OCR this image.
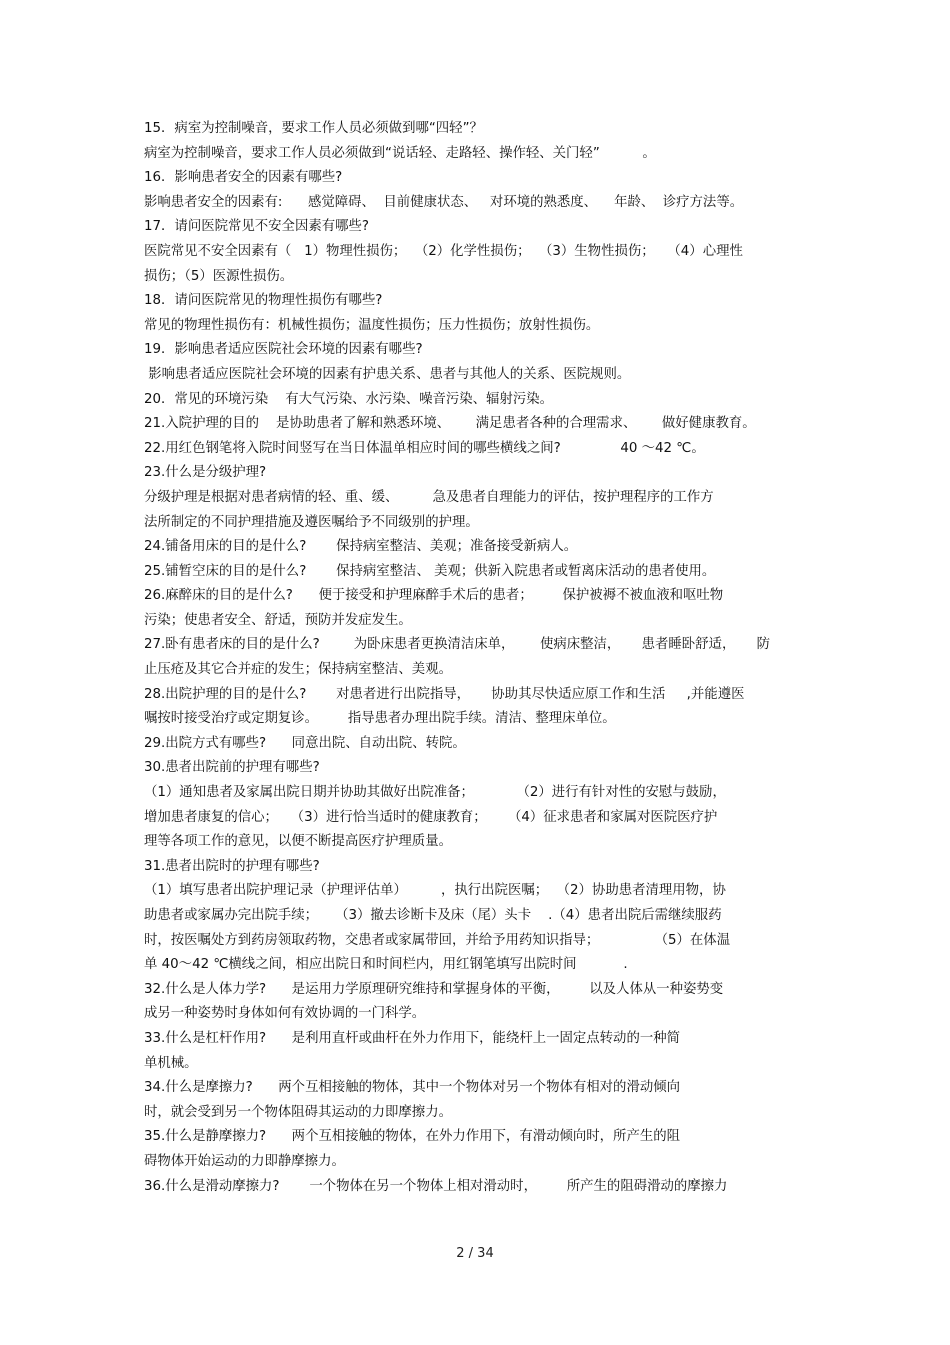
15．病室为控制噪音，要求工作人员必须做到哪“四轻”？
病室为控制噪音，要求工作人员必须做到“说话轻、走路轻、操作轻、关门轻”          。
16．影响患者安全的因素有哪些?
影响患者安全的因素有:      感觉障碍、  目前健康状态、   对环境的熟悉度、    年龄、  诊疗方法等。
17．请问医院常见不安全因素有哪些?
医院常见不安全因素有（   1）物理性损伤；  （2）化学性损伤；  （3）生物性损伤；   （4）心理性
损伤；（5）医源性损伤。
18．请问医院常见的物理性损伤有哪些?
常见的物理性损伤有：机械性损伤；温度性损伤；压力性损伤；放射性损伤。
19．影响患者适应医院社会环境的因素有哪些?
影响患者适应医院社会环境的因素有护患关系、患者与其他人的关系、医院规则。
20．常见的环境污染    有大气污染、水污染、噪音污染、辐射污染。
21.入院护理的目的    是协助患者了解和熟悉环境、      满足患者各种的合理需求、      做好健康教育。
22.用红色钢笔将入院时间竖写在当日体温单相应时间的哪些横线之间?              40 ～42 ℃。
23.什么是分级护理?
分级护理是根据对患者病情的轻、重、缓、        急及患者自理能力的评估，按护理程序的工作方
法所制定的不同护理措施及遵医嘱给予不同级别的护理。
24.铺备用床的目的是什么?       保持病室整洁、美观；准备接受新病人。
25.铺暂空床的目的是什么?       保持病室整洁、 美观；供新入院患者或暂离床活动的患者使用。
26.麻醉床的目的是什么?      便于接受和护理麻醉手术后的患者；       保护被褥不被血液和呕吐物
污染；使患者安全、舒适，预防并发症发生。
27.卧有患者床的目的是什么?        为卧床患者更换清洁床单，      使病床整洁，     患者睡卧舒适，     防
止压疮及其它合并症的发生；保持病室整洁、美观。
28.出院护理的目的是什么?       对患者进行出院指导，     协助其尽快适应原工作和生活     ,并能遵医
嘱按时接受治疗或定期复诊。       指导患者办理出院手续。清洁、整理床单位。
29.出院方式有哪些?      同意出院、自动出院、转院。
30.患者出院前的护理有哪些?
（1）通知患者及家属出院日期并协助其做好出院准备；          （2）进行有针对性的安慰与鼓励，
增加患者康复的信心；   （3）进行恰当适时的健康教育；     （4）征求患者和家属对医院医疗护
理等各项工作的意见，以便不断提高医疗护理质量。
31.患者出院时的护理有哪些?
（1）填写患者出院护理记录（护理评估单）        ，执行出院医嘱；  （2）协助患者清理用物，协
助患者或家属办完出院手续；    （3）撤去诊断卡及床（尾）头卡    .（4）患者出院后需继续服药
时，按医嘱处方到药房领取药物，交患者或家属带回，并给予用药知识指导；             （5）在体温
单 40～42 ℃横线之间，相应出院日和时间栏内，用红钢笔填写出院时间           .
32.什么是人体力学?      是运用力学原理研究维持和掌握身体的平衡，       以及人体从一种姿势变
成另一种姿势时身体如何有效协调的一门科学。
33.什么是杠杆作用?      是利用直杆或曲杆在外力作用下，能绕杆上一固定点转动的一种简
单机械。
34.什么是摩擦力?      两个互相接触的物体，其中一个物体对另一个物体有相对的滑动倾向
时，就会受到另一个物体阻碍其运动的力即摩擦力。
35.什么是静摩擦力?      两个互相接触的物体，在外力作用下，有滑动倾向时，所产生的阻
碍物体开始运动的力即静摩擦力。
36.什么是滑动摩擦力?       一个物体在另一个物体上相对滑动时，       所产生的阻碍滑动的摩擦力
2 / 34
